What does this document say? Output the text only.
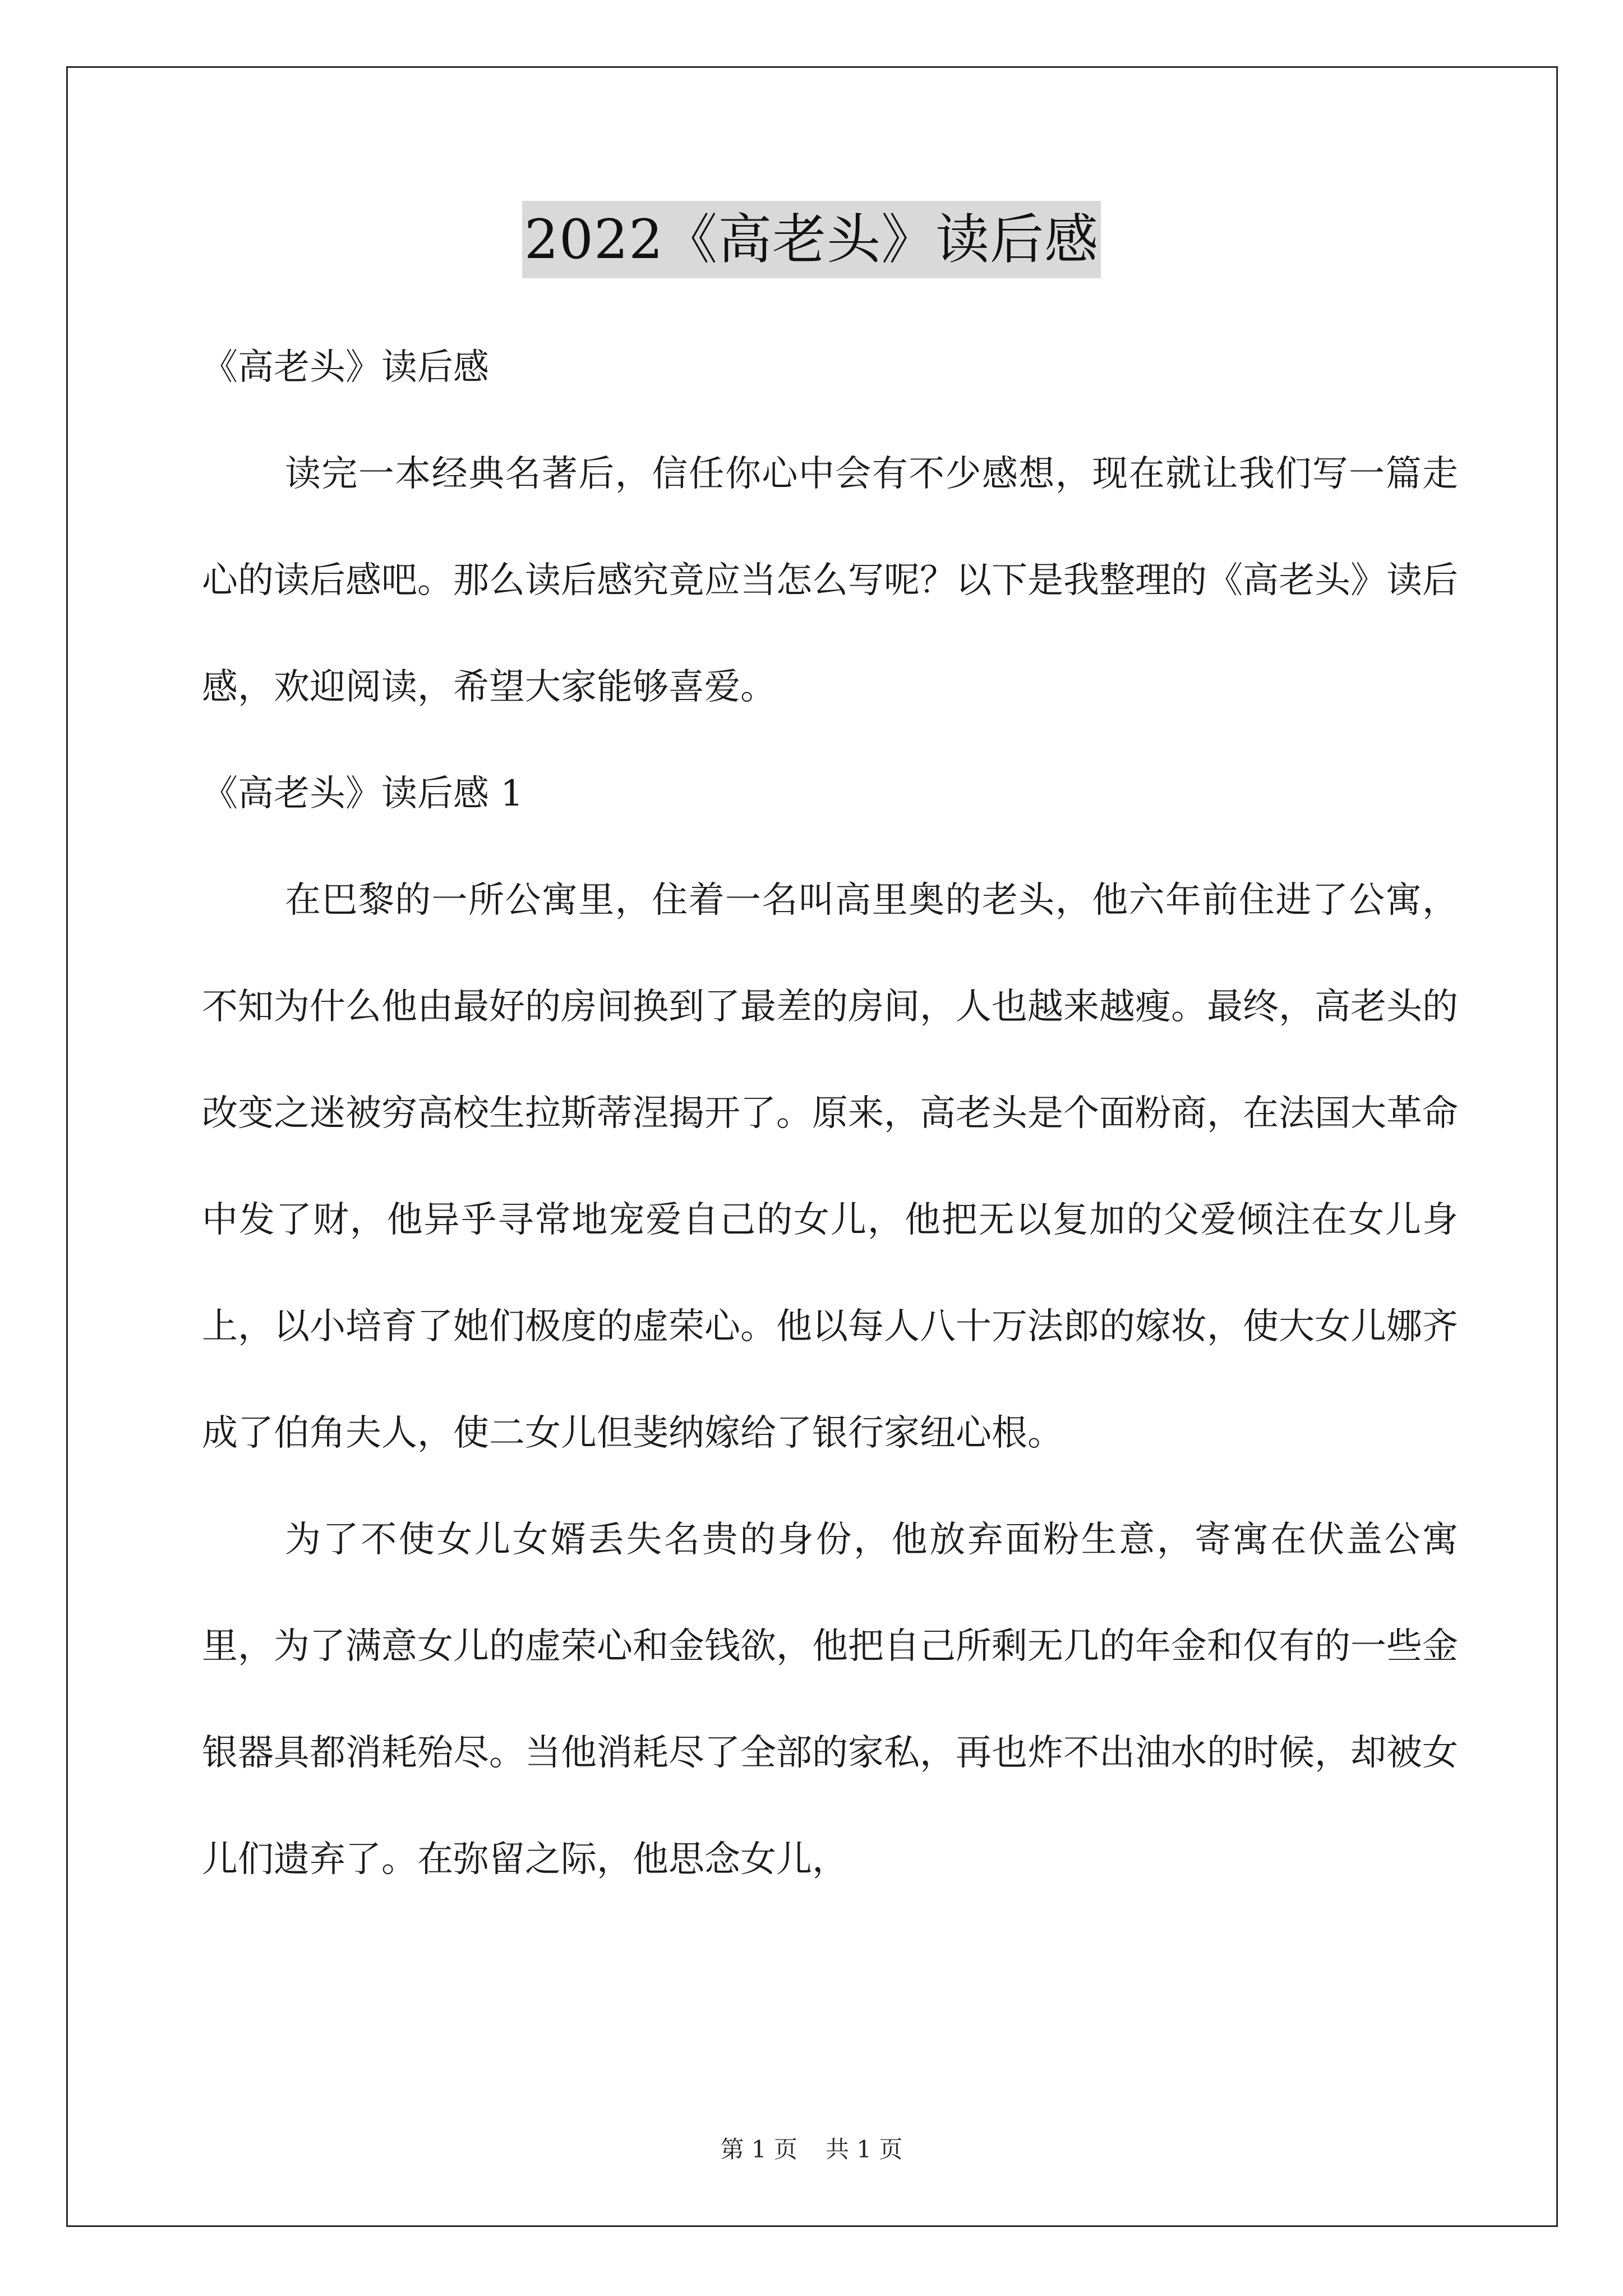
2022《高老头》读后感

《高老头》读后感

读完一本经典名著后，信任你心中会有不少感想，现在就让我们写一篇走心的读后感吧。那么读后感究竟应当怎么写呢？以下是我整理的《高老头》读后感，欢迎阅读，希望大家能够喜爱。

《高老头》读后感 1

在巴黎的一所公寓里，住着一名叫高里奥的老头，他六年前住进了公寓，不知为什么他由最好的房间换到了最差的房间，人也越来越瘦。最终，高老头的改变之迷被穷高校生拉斯蒂涅揭开了。原来，高老头是个面粉商，在法国大革命中发了财，他异乎寻常地宠爱自己的女儿，他把无以复加的父爱倾注在女儿身上，以小培育了她们极度的虚荣心。他以每人八十万法郎的嫁妆，使大女儿娜齐成了伯角夫人，使二女儿但斐纳嫁给了银行家纽心根。

为了不使女儿女婿丢失名贵的身份，他放弃面粉生意，寄寓在伏盖公寓里，为了满意女儿的虚荣心和金钱欲，他把自己所剩无几的年金和仅有的一些金银器具都消耗殆尽。当他消耗尽了全部的家私，再也炸不出油水的时候，却被女儿们遗弃了。在弥留之际，他思念女儿，

第 1 页 共 1 页
